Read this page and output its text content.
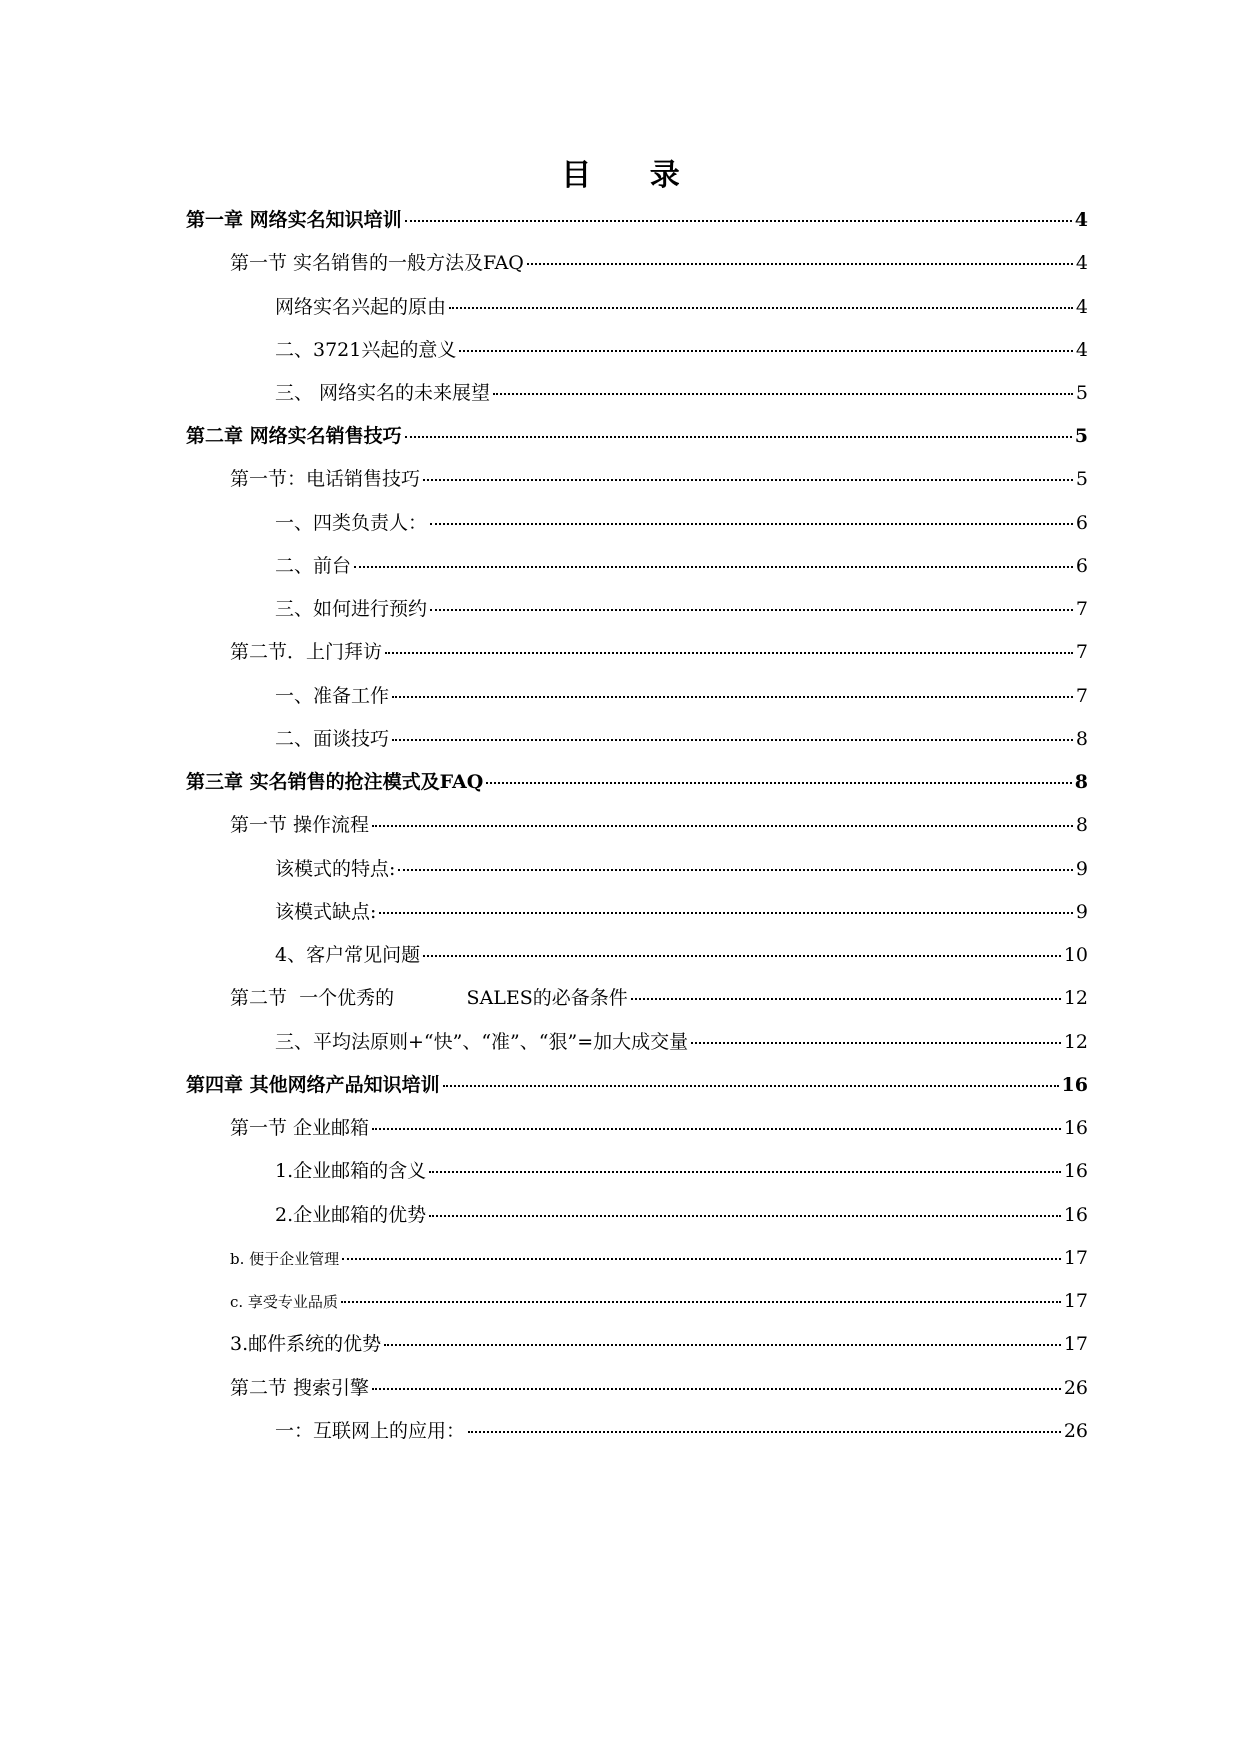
目 录
第一章 网络实名知识培训	4
第一节 实名销售的一般方法及FAQ	4
网络实名兴起的原由	4
二、3721兴起的意义	4
三、 网络实名的未来展望	5
第二章 网络实名销售技巧	5
第一节：电话销售技巧	5
一、四类负责人：	6
二、前台	6
三、如何进行预约	7
第二节．上门拜访	7
一、准备工作	7
二、面谈技巧	8
第三章 实名销售的抢注模式及FAQ	8
第一节 操作流程	8
该模式的特点:	9
该模式缺点:	9
4、客户常见问题	10
第二节  一个优秀的            SALES的必备条件	12
三、平均法原则+“快”、“准”、“狠”=加大成交量	12
第四章 其他网络产品知识培训	16
第一节 企业邮箱	16
1.企业邮箱的含义	16
2.企业邮箱的优势	16
b. 便于企业管理	17
c. 享受专业品质	17
3.邮件系统的优势	17
第二节 搜索引擎	26
一：互联网上的应用：	26
